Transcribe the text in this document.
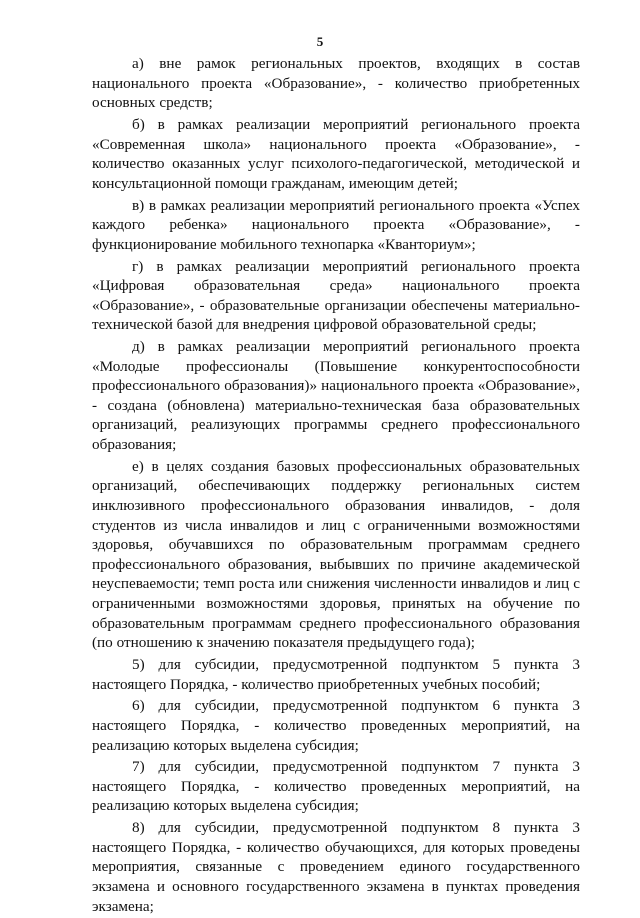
5

а) вне рамок региональных проектов, входящих в состав национального проекта «Образование», - количество приобретенных основных средств;

б) в рамках реализации мероприятий регионального проекта «Современная школа» национального проекта «Образование», - количество оказанных услуг психолого-педагогической, методической и консультационной помощи гражданам, имеющим детей;

в) в рамках реализации мероприятий регионального проекта «Успех каждого ребенка» национального проекта «Образование», - функционирование мобильного технопарка «Кванториум»;

г) в рамках реализации мероприятий регионального проекта «Цифровая образовательная среда» национального проекта «Образование», - образовательные организации обеспечены материально-технической базой для внедрения цифровой образовательной среды;

д) в рамках реализации мероприятий регионального проекта «Молодые профессионалы (Повышение конкурентоспособности профессионального образования)» национального проекта «Образование», - создана (обновлена) материально-техническая база образовательных организаций, реализующих программы среднего профессионального образования;

е) в целях создания базовых профессиональных образовательных организаций, обеспечивающих поддержку региональных систем инклюзивного профессионального образования инвалидов, - доля студентов из числа инвалидов и лиц с ограниченными возможностями здоровья, обучавшихся по образовательным программам среднего профессионального образования, выбывших по причине академической неуспеваемости; темп роста или снижения численности инвалидов и лиц с ограниченными возможностями здоровья, принятых на обучение по образовательным программам среднего профессионального образования (по отношению к значению показателя предыдущего года);

5) для субсидии, предусмотренной подпунктом 5 пункта 3 настоящего Порядка, - количество приобретенных учебных пособий;

6) для субсидии, предусмотренной подпунктом 6 пункта 3 настоящего Порядка, - количество проведенных мероприятий, на реализацию которых выделена субсидия;

7) для субсидии, предусмотренной подпунктом 7 пункта 3 настоящего Порядка, - количество проведенных мероприятий, на реализацию которых выделена субсидия;

8) для субсидии, предусмотренной подпунктом 8 пункта 3 настоящего Порядка, - количество обучающихся, для которых проведены мероприятия, связанные с проведением единого государственного экзамена и основного государственного экзамена в пунктах проведения экзамена;
